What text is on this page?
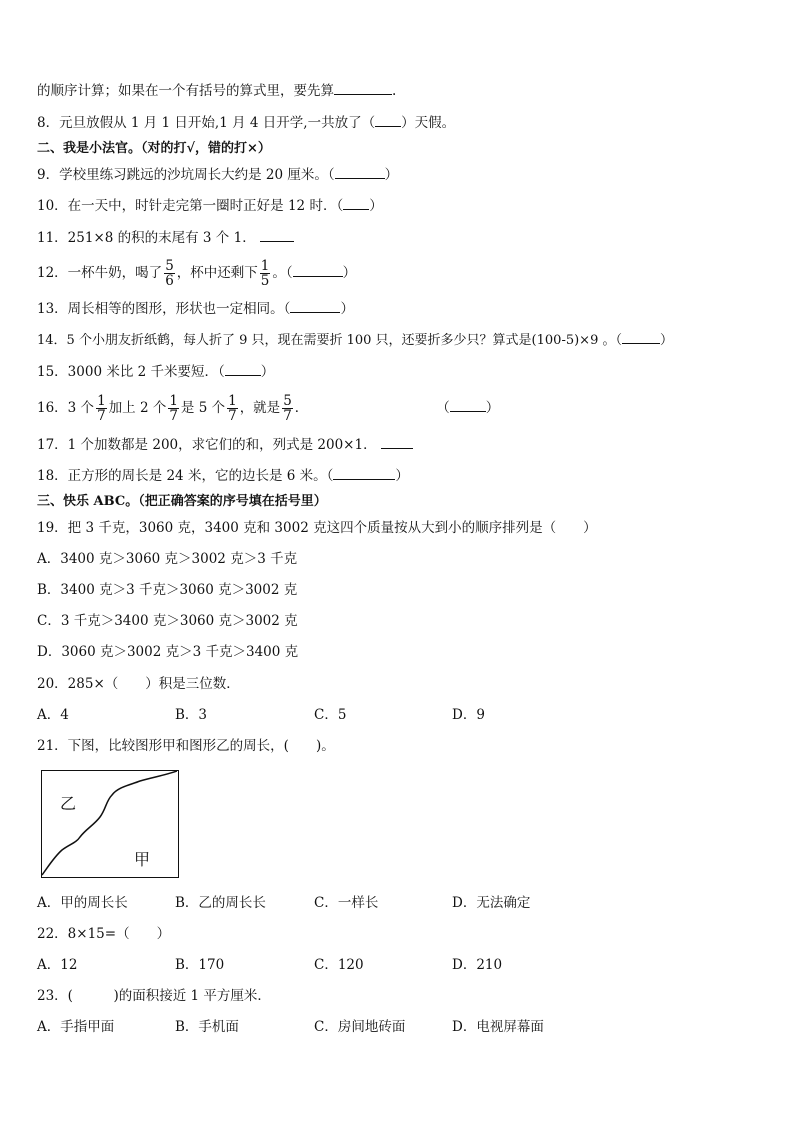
的顺序计算；如果在一个有括号的算式里，要先算	.
8．元旦放假从 1 月 1 日开始,1 月 4 日开学,一共放了（ ）天假。
二、我是小法官。（对的打√，错的打×）
9．学校里练习跳远的沙坑周长大约是 20 厘米。（	）
10．在一天中，时针走完第一圈时正好是 12 时．（ ）
11．251×8 的积的末尾有 3 个 1．
12．一杯牛奶，喝了 $\frac{5}{6}$ ，杯中还剩下 $\frac{1}{5}$ 。（	）
13．周长相等的图形，形状也一定相同。（	）
14．5 个小朋友折纸鹤，每人折了 9 只，现在需要折 100 只，还要折多少只？算式是(100-5)×9 。（	）
15．3000 米比 2 千米要短．（	）
16．3 个 $\frac{1}{7}$ 加上 2 个 $\frac{1}{7}$ 是 5 个 $\frac{1}{7}$ ，就是 $\frac{5}{7}$ ．	（	）
17．1 个加数都是 200，求它们的和，列式是 200×1．
18．正方形的周长是 24 米，它的边长是 6 米。（	）
三、快乐 ABC。（把正确答案的序号填在括号里）
19．把 3 千克，3060 克，3400 克和 3002 克这四个质量按从大到小的顺序排列是（　　）
A．3400 克＞3060 克＞3002 克＞3 千克
B．3400 克＞3 千克＞3060 克＞3002 克
C．3 千克＞3400 克＞3060 克＞3002 克
D．3060 克＞3002 克＞3 千克＞3400 克
20．285×（　　）积是三位数．
A．4	B．3	C．5	D．9
21．下图，比较图形甲和图形乙的周长，(　　)。
乙
甲
A．甲的周长长	B．乙的周长长	C．一样长	D．无法确定
22．8×15=（　　）
A．12	B．170	C．120	D．210
23．(　　　)的面积接近 1 平方厘米．
A．手指甲面	B．手机面	C．房间地砖面	D．电视屏幕面
